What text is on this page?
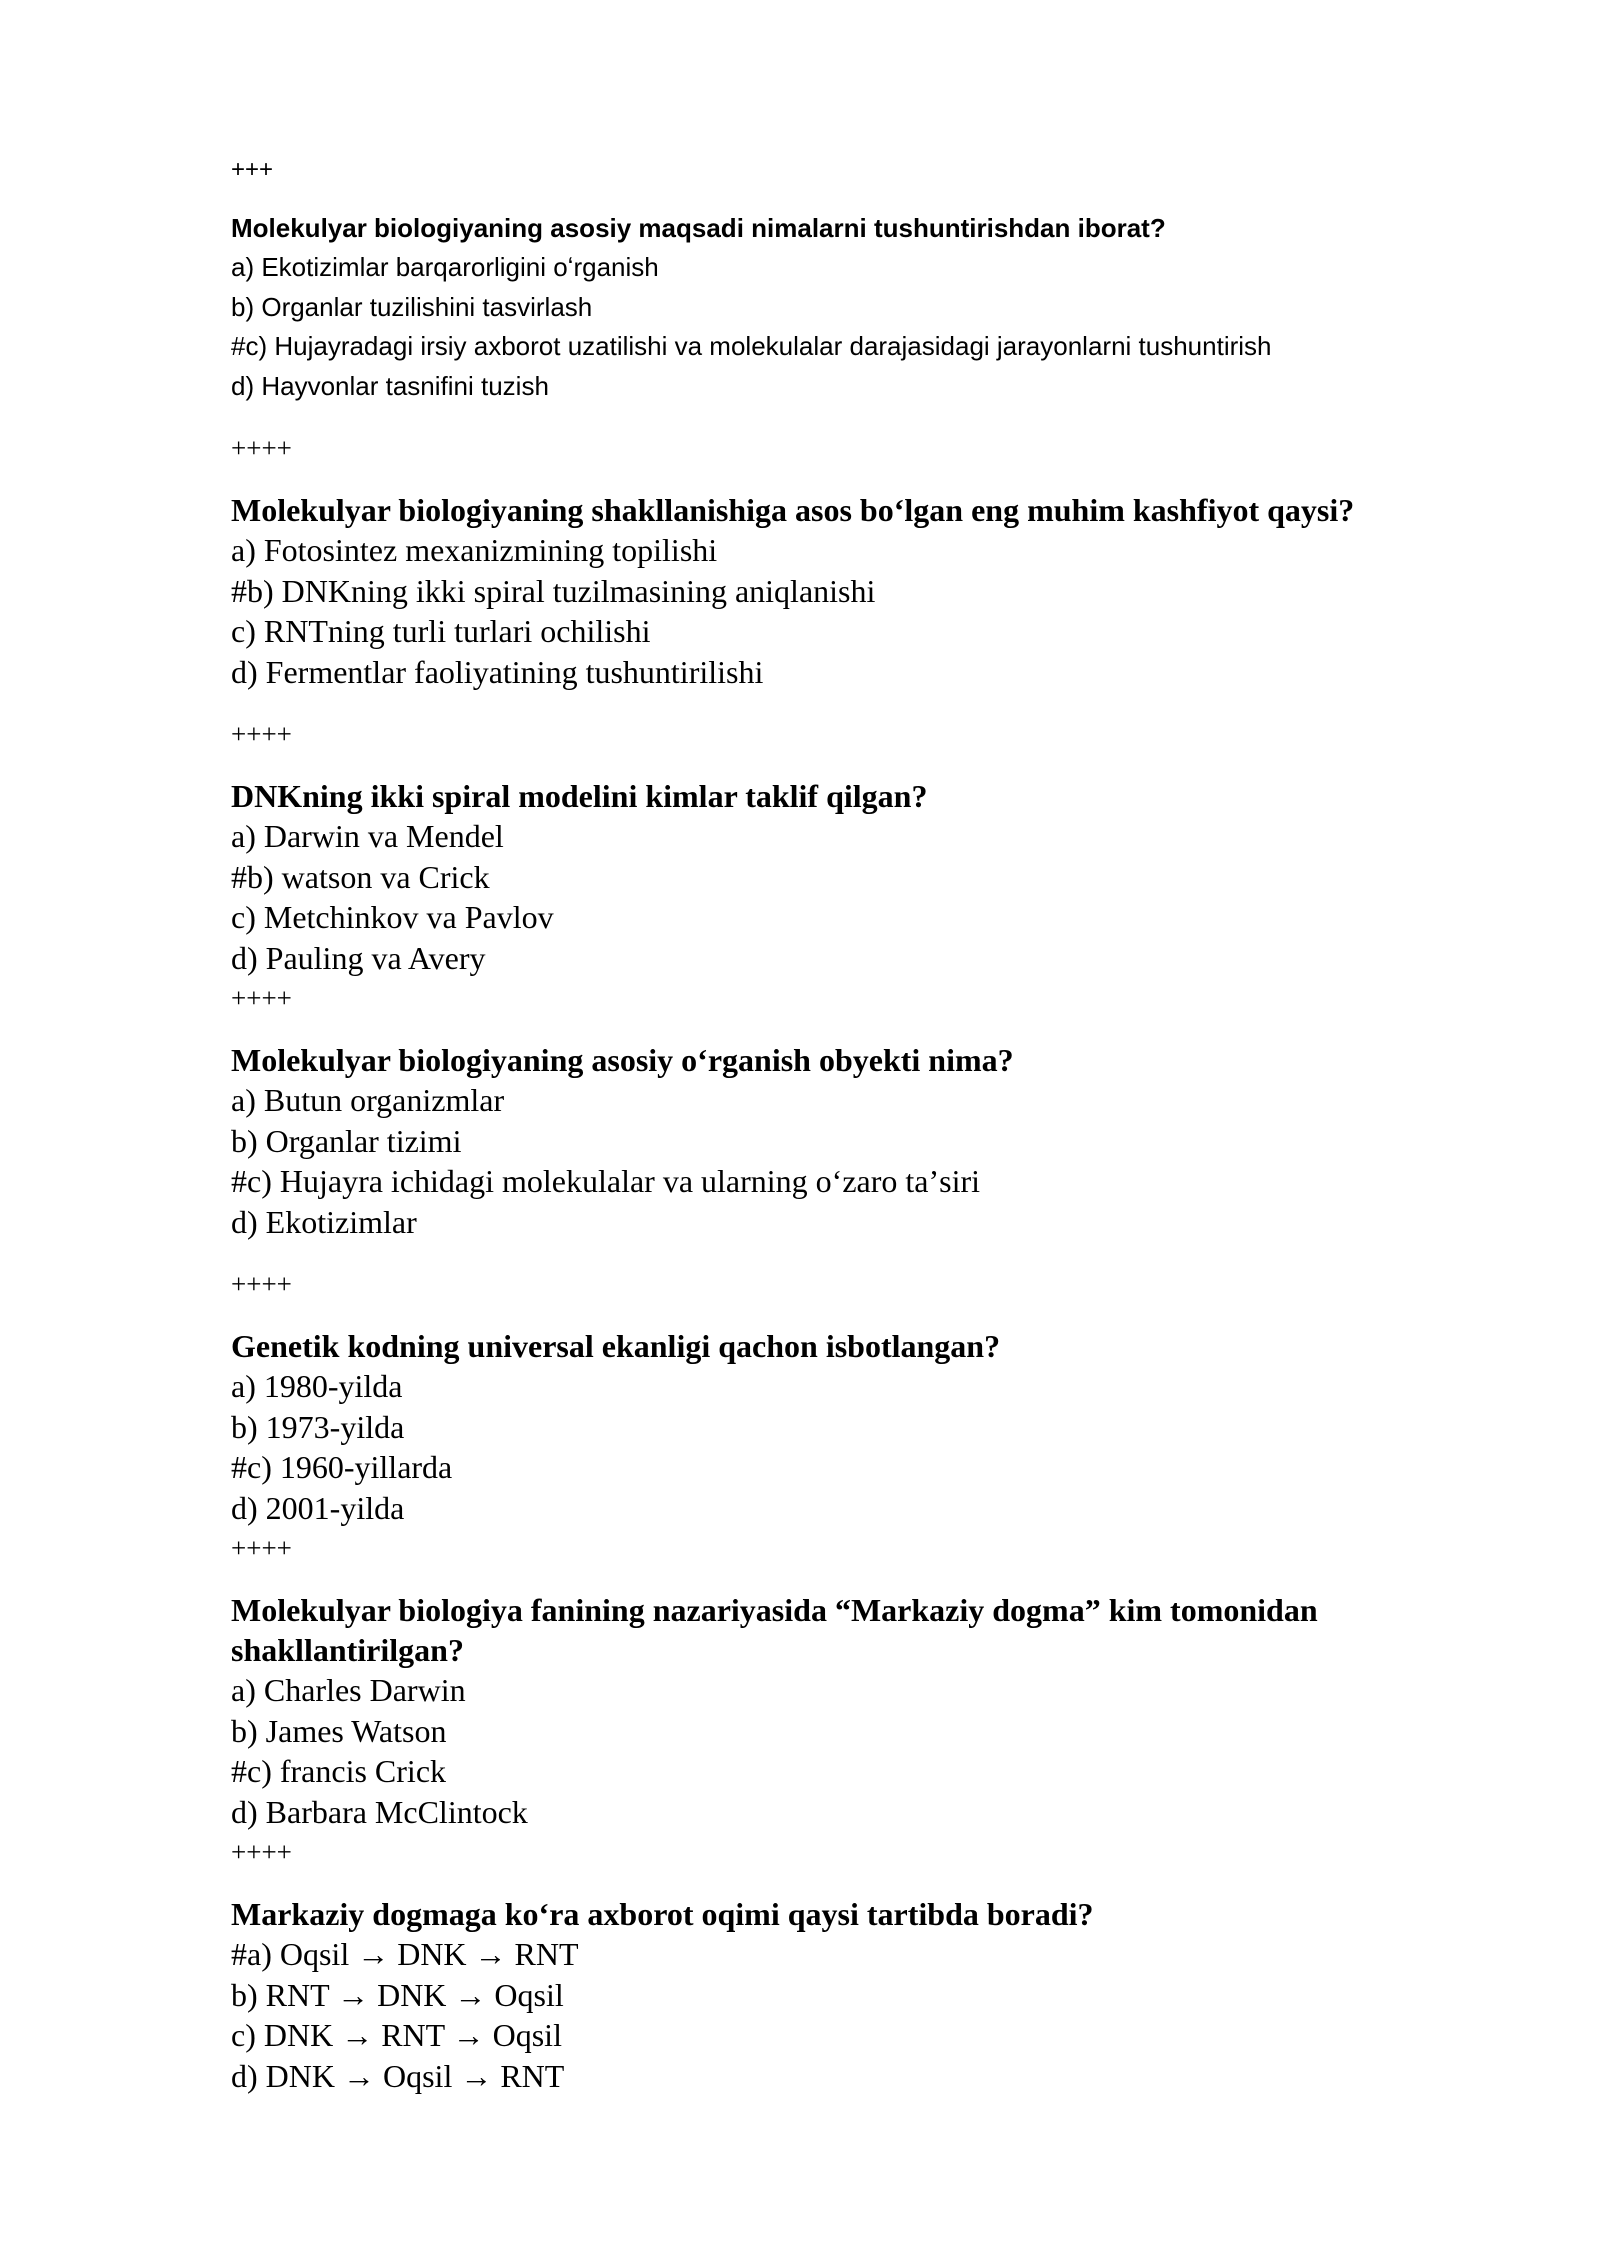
+++

Molekulyar biologiyaning asosiy maqsadi nimalarni tushuntirishdan iborat?

a) Ekotizimlar barqarorligini oʻrganish

b) Organlar tuzilishini tasvirlash

#c) Hujayradagi irsiy axborot uzatilishi va molekulalar darajasidagi jarayonlarni tushuntirish

d) Hayvonlar tasnifini tuzish

++++

Molekulyar biologiyaning shakllanishiga asos boʻlgan eng muhim kashfiyot qaysi?

a) Fotosintez mexanizmining topilishi

#b) DNKning ikki spiral tuzilmasining aniqlanishi

c) RNTning turli turlari ochilishi

d) Fermentlar faoliyatining tushuntirilishi

++++

DNKning ikki spiral modelini kimlar taklif qilgan?

a) Darwin va Mendel

#b) watson va Crick

c) Metchinkov va Pavlov

d) Pauling va Avery

++++

Molekulyar biologiyaning asosiy oʻrganish obyekti nima?

a) Butun organizmlar

b) Organlar tizimi

#c) Hujayra ichidagi molekulalar va ularning oʻzaro taʼsiri

d) Ekotizimlar

++++

Genetik kodning universal ekanligi qachon isbotlangan?

a) 1980-yilda

b) 1973-yilda

#c) 1960-yillarda

d) 2001-yilda

++++

Molekulyar biologiya fanining nazariyasida “Markaziy dogma” kim tomonidan shakllantirilgan?

a) Charles Darwin

b) James Watson

#c) francis Crick

d) Barbara McClintock

++++

Markaziy dogmaga koʻra axborot oqimi qaysi tartibda boradi?

#a) Oqsil → DNK → RNT

b) RNT → DNK → Oqsil

c) DNK → RNT → Oqsil

d) DNK → Oqsil → RNT
